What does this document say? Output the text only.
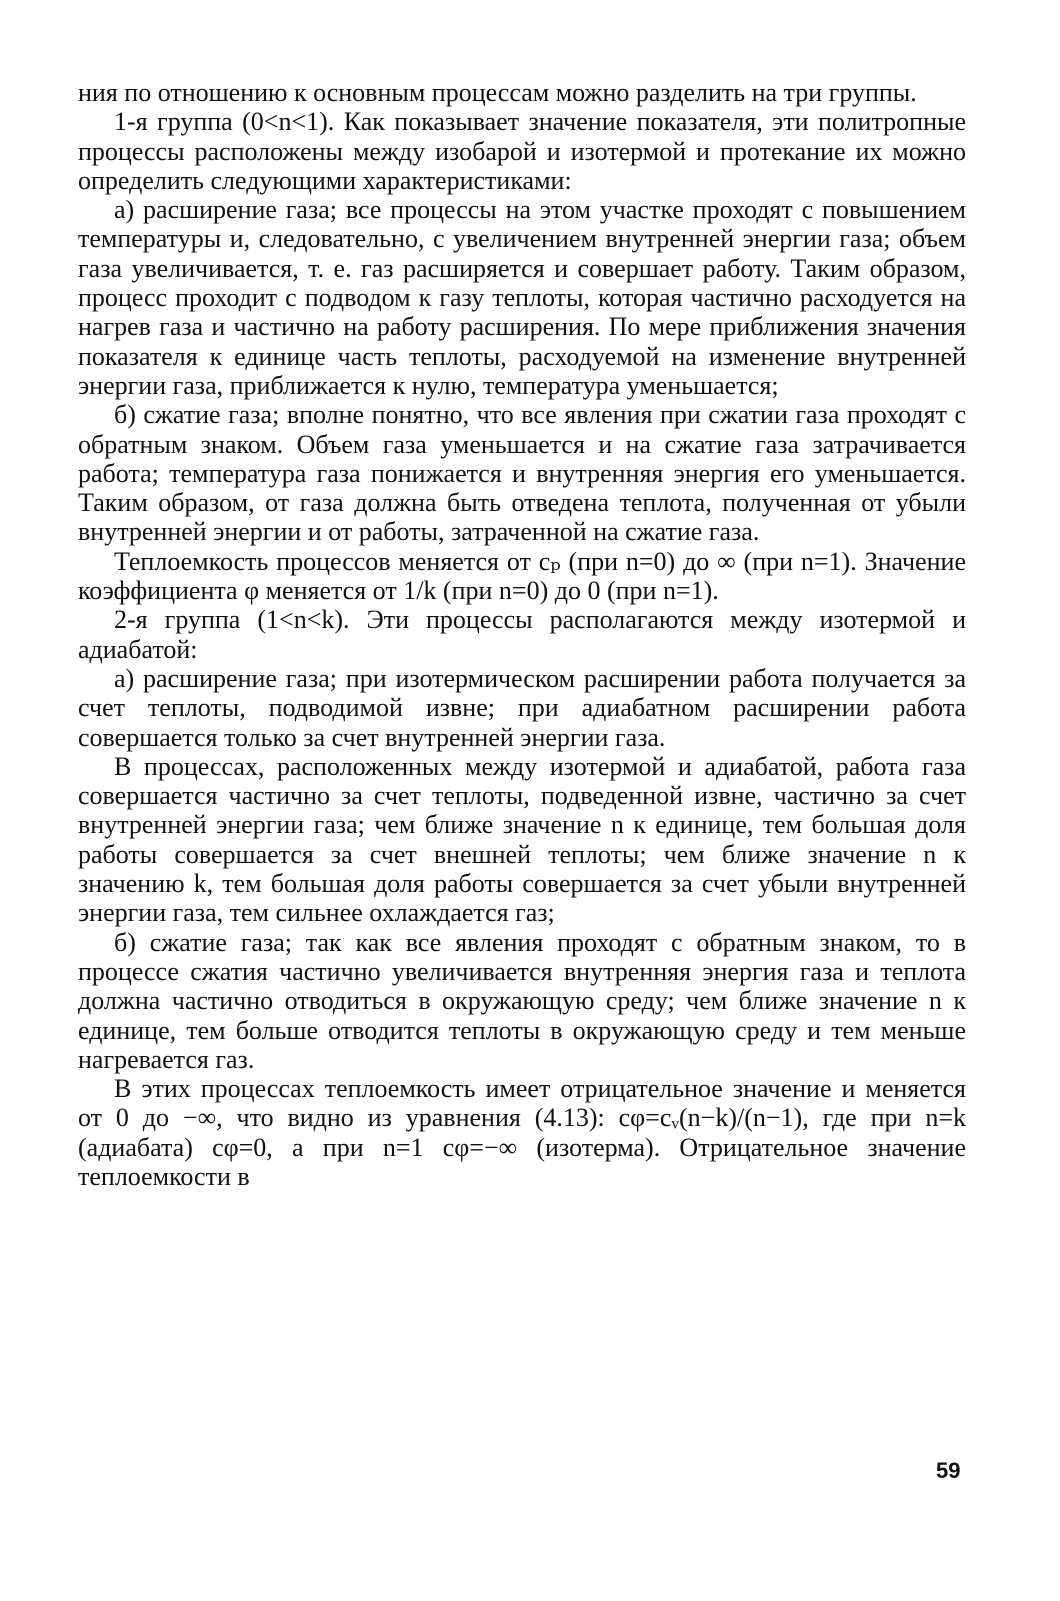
ния по отношению к основным процессам можно разделить на три группы.

1-я группа (0<n<1). Как показывает значение показателя, эти политропные процессы расположены между изобарой и изотермой и протекание их можно определить следующими характеристиками:

а) расширение газа; все процессы на этом участке проходят с повышением температуры и, следовательно, с увеличением внутренней энергии газа; объем газа увеличивается, т. е. газ расширяется и совершает работу. Таким образом, процесс проходит с подводом к газу теплоты, которая частично расходуется на нагрев газа и частично на работу расширения. По мере приближения значения показателя к единице часть теплоты, расходуемой на изменение внутренней энергии газа, приближается к нулю, температура уменьшается;

б) сжатие газа; вполне понятно, что все явления при сжатии газа проходят с обратным знаком. Объем газа уменьшается и на сжатие газа затрачивается работа; температура газа понижается и внутренняя энергия его уменьшается. Таким образом, от газа должна быть отведена теплота, полученная от убыли внутренней энергии и от работы, затраченной на сжатие газа.

Теплоемкость процессов меняется от cₚ (при n=0) до ∞ (при n=1). Значение коэффициента φ меняется от 1/k (при n=0) до 0 (при n=1).

2-я группа (1<n<k). Эти процессы располагаются между изотермой и адиабатой:

а) расширение газа; при изотермическом расширении работа получается за счет теплоты, подводимой извне; при адиабатном расширении работа совершается только за счет внутренней энергии газа.

В процессах, расположенных между изотермой и адиабатой, работа газа совершается частично за счет теплоты, подведенной извне, частично за счет внутренней энергии газа; чем ближе значение n к единице, тем большая доля работы совершается за счет внешней теплоты; чем ближе значение n к значению k, тем большая доля работы совершается за счет убыли внутренней энергии газа, тем сильнее охлаждается газ;

б) сжатие газа; так как все явления проходят с обратным знаком, то в процессе сжатия частично увеличивается внутренняя энергия газа и теплота должна частично отводиться в окружающую среду; чем ближе значение n к единице, тем больше отводится теплоты в окружающую среду и тем меньше нагревается газ.

В этих процессах теплоемкость имеет отрицательное значение и меняется от 0 до −∞, что видно из уравнения (4.13): cφ=cᵥ(n−k)/(n−1), где при n=k (адиабата) cφ=0, а при n=1 cφ=−∞ (изотерма). Отрицательное значение теплоемкости в

59
